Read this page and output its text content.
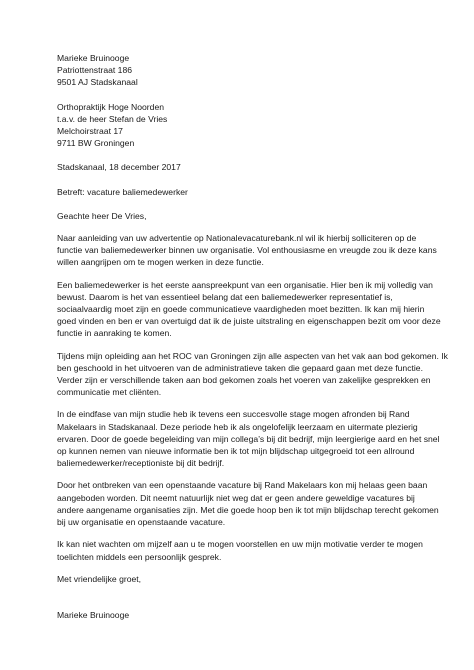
Marieke Bruinooge
Patriottenstraat 186
9501 AJ Stadskanaal
Orthopraktijk Hoge Noorden
t.a.v. de heer Stefan de Vries
Melchoirstraat 17
9711 BW Groningen
Stadskanaal, 18 december 2017
Betreft: vacature baliemedewerker

Geachte heer De Vries,

Naar aanleiding van uw advertentie op Nationalevacaturebank.nl wil ik hierbij solliciteren op de
functie van baliemedewerker binnen uw organisatie. Vol enthousiasme en vreugde zou ik deze kans
willen aangrijpen om te mogen werken in deze functie.

Een baliemedewerker is het eerste aanspreekpunt van een organisatie. Hier ben ik mij volledig van
bewust. Daarom is het van essentieel belang dat een baliemedewerker representatief is,
sociaalvaardig moet zijn en goede communicatieve vaardigheden moet bezitten. Ik kan mij hierin
goed vinden en ben er van overtuigd dat ik de juiste uitstraling en eigenschappen bezit om voor deze
functie in aanraking te komen.

Tijdens mijn opleiding aan het ROC van Groningen zijn alle aspecten van het vak aan bod gekomen. Ik
ben geschoold in het uitvoeren van de administratieve taken die gepaard gaan met deze functie.
Verder zijn er verschillende taken aan bod gekomen zoals het voeren van zakelijke gesprekken en
communicatie met cliënten.

In de eindfase van mijn studie heb ik tevens een succesvolle stage mogen afronden bij Rand
Makelaars in Stadskanaal. Deze periode heb ik als ongelofelijk leerzaam en uitermate plezierig
ervaren. Door de goede begeleiding van mijn collega’s bij dit bedrijf, mijn leergierige aard en het snel
op kunnen nemen van nieuwe informatie ben ik tot mijn blijdschap uitgegroeid tot een allround
baliemedewerker/receptioniste bij dit bedrijf.

Door het ontbreken van een openstaande vacature bij Rand Makelaars kon mij helaas geen baan
aangeboden worden. Dit neemt natuurlijk niet weg dat er geen andere geweldige vacatures bij
andere aangename organisaties zijn. Met die goede hoop ben ik tot mijn blijdschap terecht gekomen
bij uw organisatie en openstaande vacature.

Ik kan niet wachten om mijzelf aan u te mogen voorstellen en uw mijn motivatie verder te mogen
toelichten middels een persoonlijk gesprek.

Met vriendelijke groet,
Marieke Bruinooge
